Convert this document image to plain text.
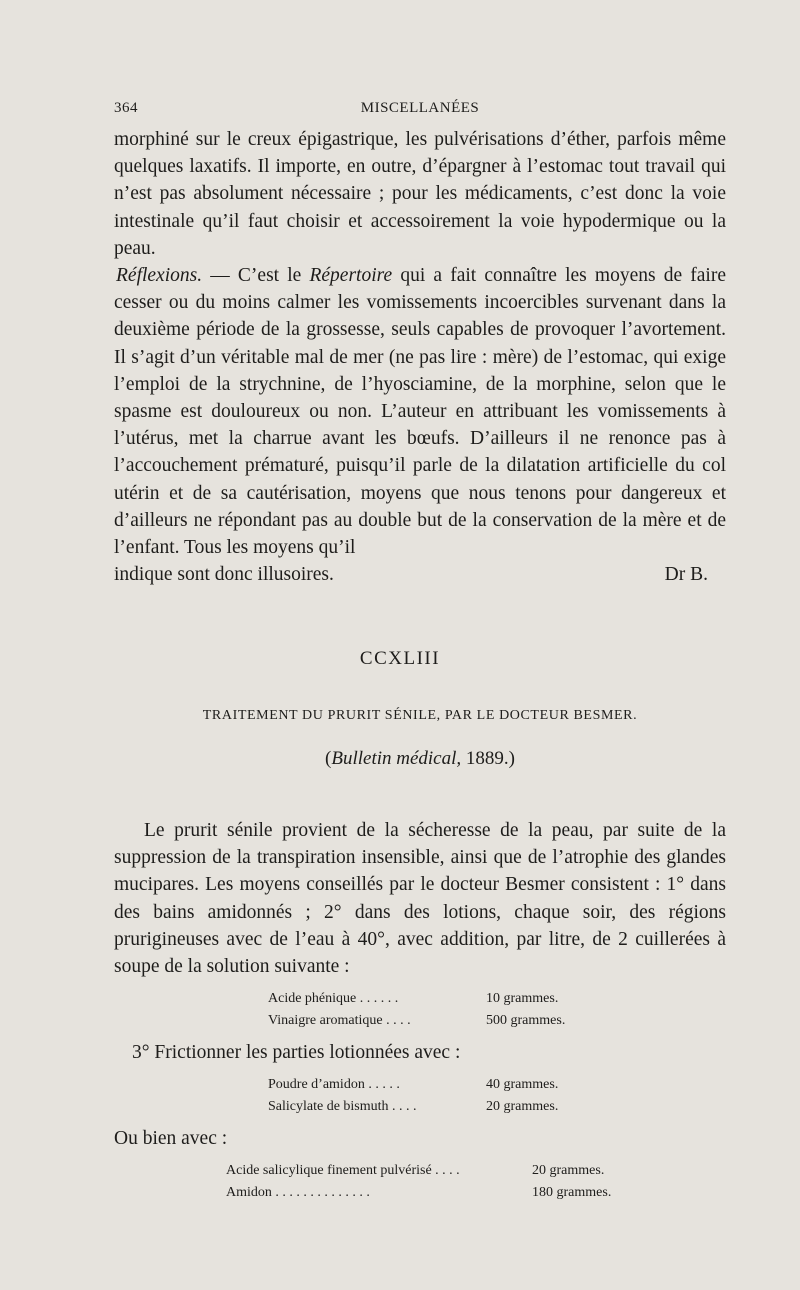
364	MISCELLANÉES

morphiné sur le creux épigastrique, les pulvérisations d’éther, parfois même quelques laxatifs. Il importe, en outre, d’épargner à l’estomac tout travail qui n’est pas absolument nécessaire ; pour les médicaments, c’est donc la voie intestinale qu’il faut choisir et accessoirement la voie hypodermique ou la peau.

Réflexions. — C’est le Répertoire qui a fait connaître les moyens de faire cesser ou du moins calmer les vomissements incoercibles survenant dans la deuxième période de la grossesse, seuls capables de provoquer l’avortement. Il s’agit d’un véritable mal de mer (ne pas lire : mère) de l’estomac, qui exige l’emploi de la strychnine, de l’hyosciamine, de la morphine, selon que le spasme est douloureux ou non. L’auteur en attribuant les vomissements à l’utérus, met la charrue avant les bœufs. D’ailleurs il ne renonce pas à l’accouchement prématuré, puisqu’il parle de la dilatation artificielle du col utérin et de sa cautérisation, moyens que nous tenons pour dangereux et d’ailleurs ne répondant pas au double but de la conservation de la mère et de l’enfant. Tous les moyens qu’il

indique sont donc illusoires.	Dr B.
CCXLIII
TRAITEMENT DU PRURIT SÉNILE, PAR LE DOCTEUR BESMER.
(Bulletin médical, 1889.)

Le prurit sénile provient de la sécheresse de la peau, par suite de la suppression de la transpiration insensible, ainsi que de l’atrophie des glandes mucipares. Les moyens conseillés par le docteur Besmer consistent : 1° dans des bains amidonnés ; 2° dans des lotions, chaque soir, des régions prurigineuses avec de l’eau à 40°, avec addition, par litre, de 2 cuillerées à soupe de la solution suivante :

Acide phénique . . . . . .	10 grammes.
Vinaigre aromatique . . . .	500 grammes.
3° Frictionner les parties lotionnées avec :
Poudre d’amidon . . . . .	40 grammes.
Salicylate de bismuth . . . .	20 grammes.
Ou bien avec :
Acide salicylique finement pulvérisé . . . .	20 grammes.
Amidon . . . . . . . . . . . . . .	180 grammes.
